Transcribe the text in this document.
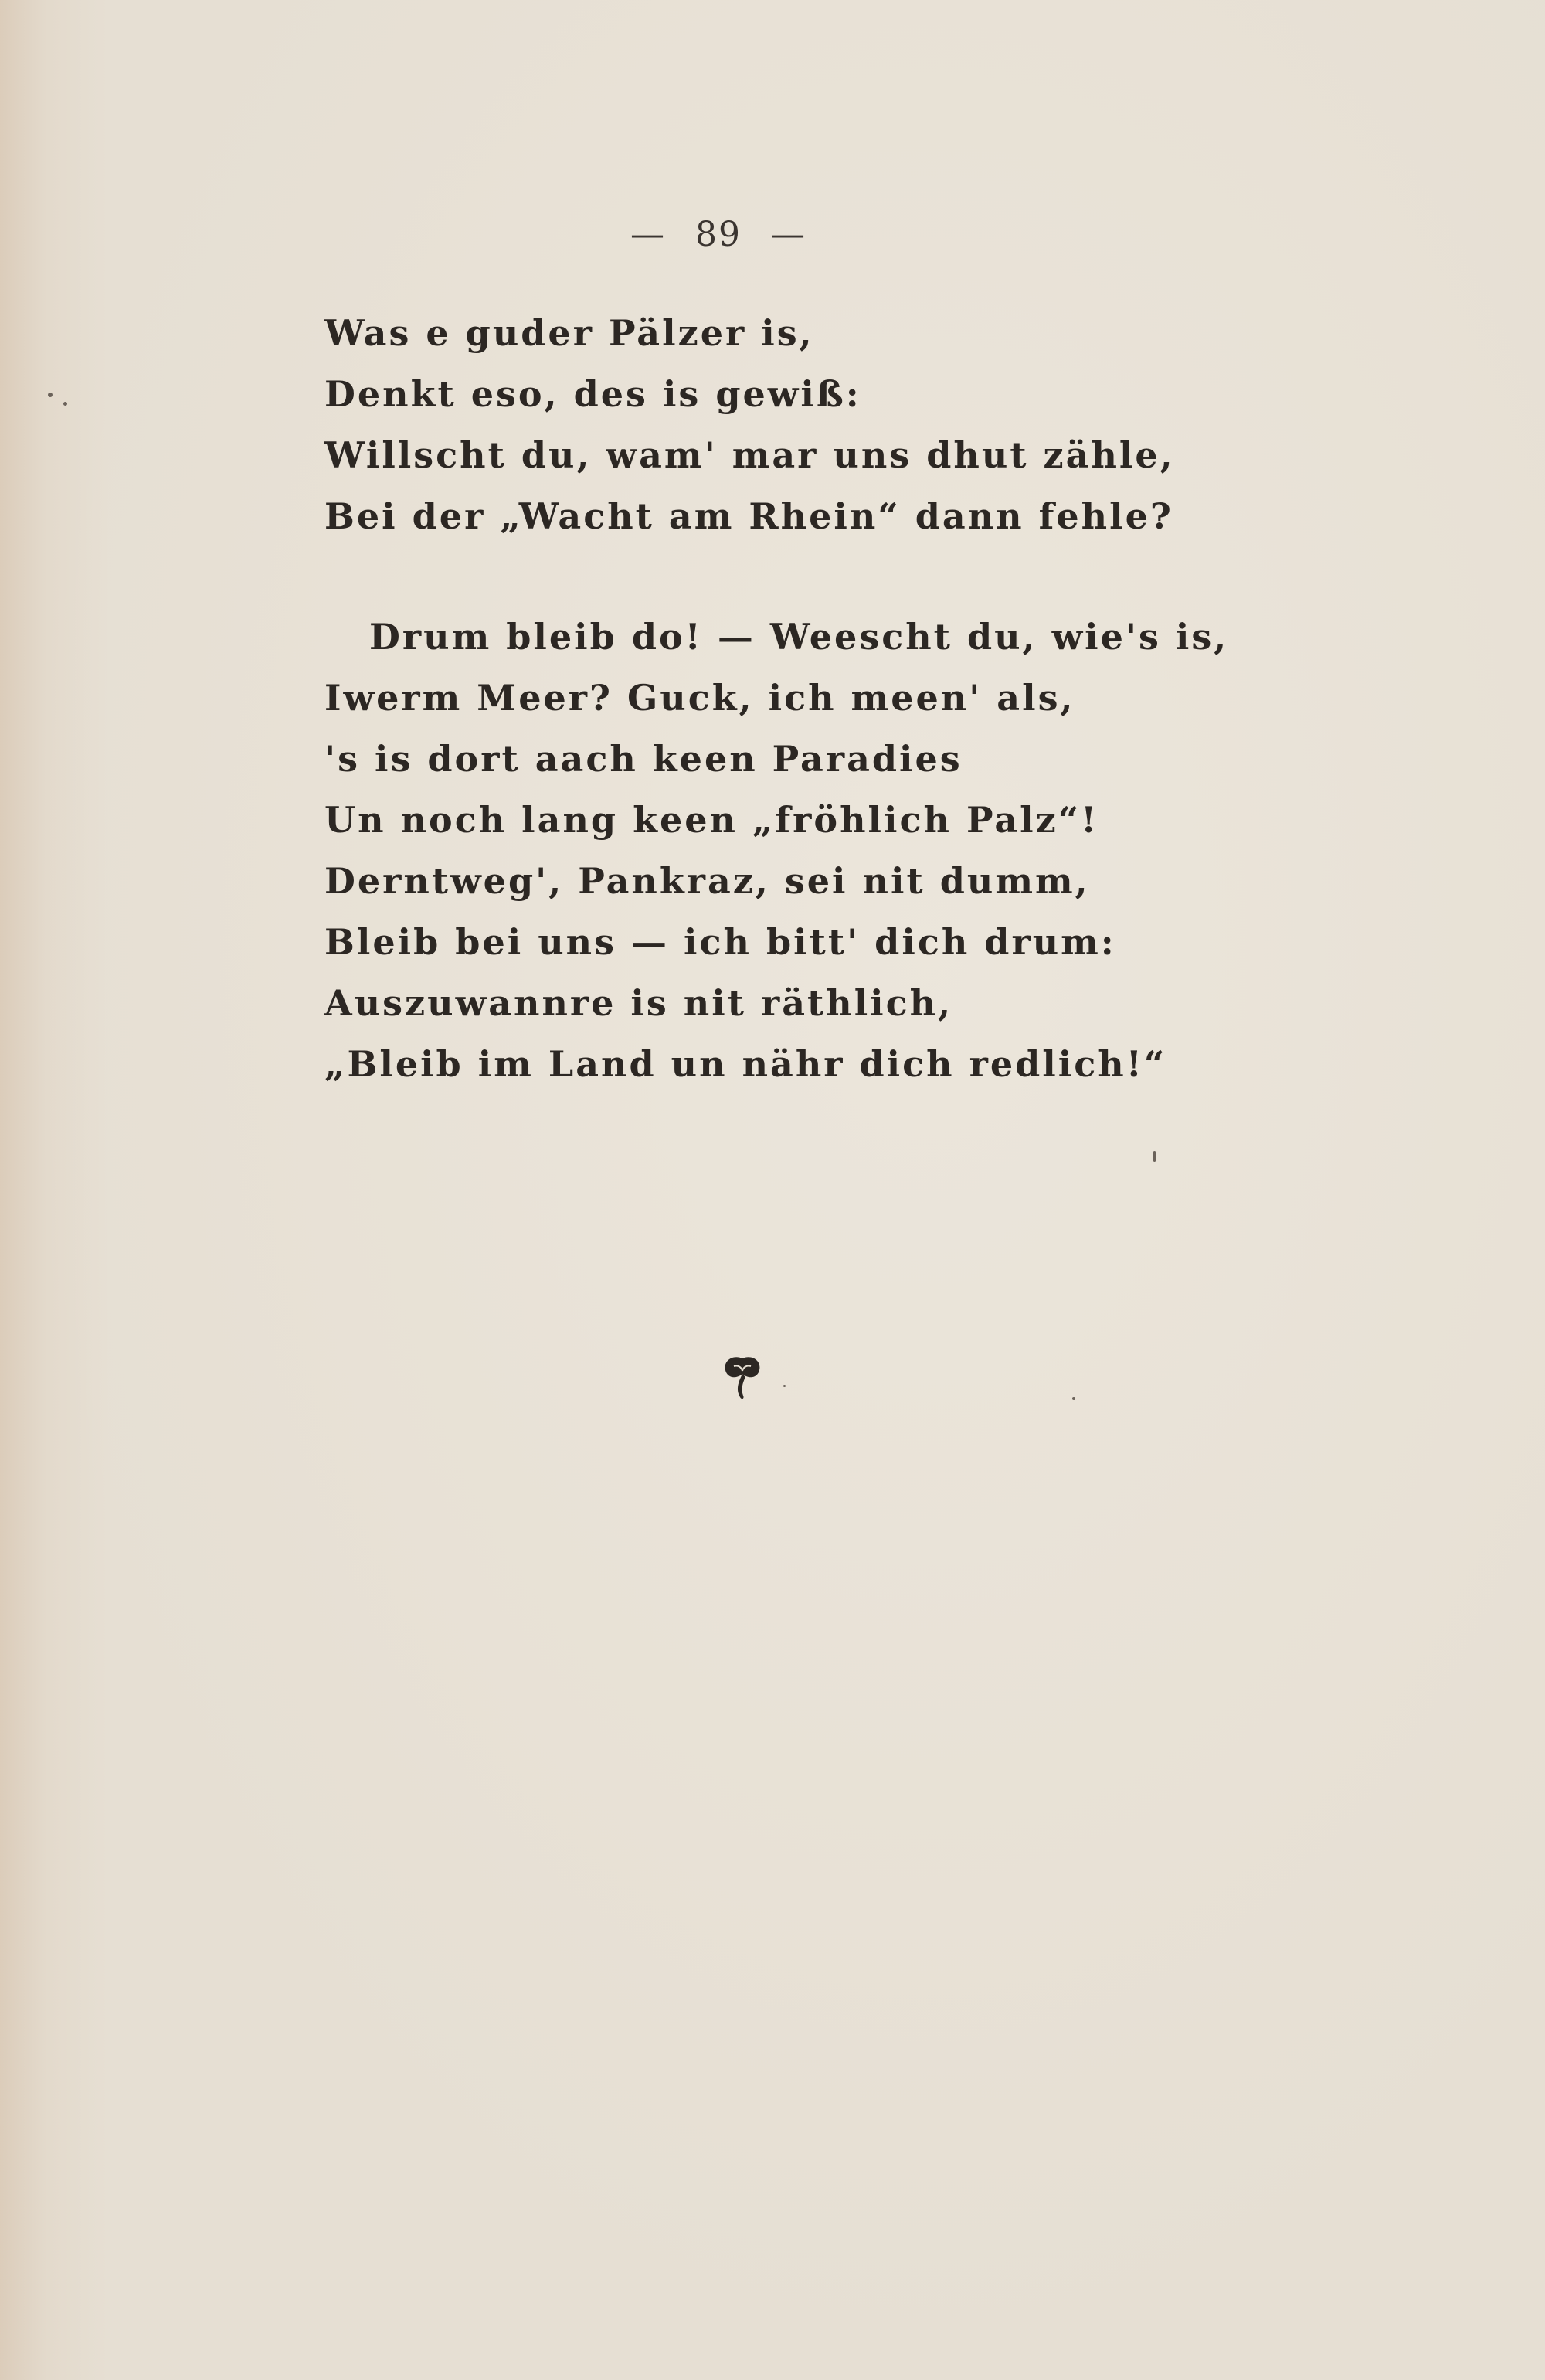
— 89 —
Was e guder Pälzer is,
Denkt eso, des is gewiß:
Willscht du, wam' mar uns dhut zähle,
Bei der „Wacht am Rhein“ dann fehle?
Drum bleib do! — Weescht du, wie's is,
Iwerm Meer? Guck, ich meen' als,
's is dort aach keen Paradies
Un noch lang keen „fröhlich Palz“!
Derntweg', Pankraz, sei nit dumm,
Bleib bei uns — ich bitt' dich drum:
Auszuwannre is nit räthlich,
„Bleib im Land un nähr dich redlich!“
